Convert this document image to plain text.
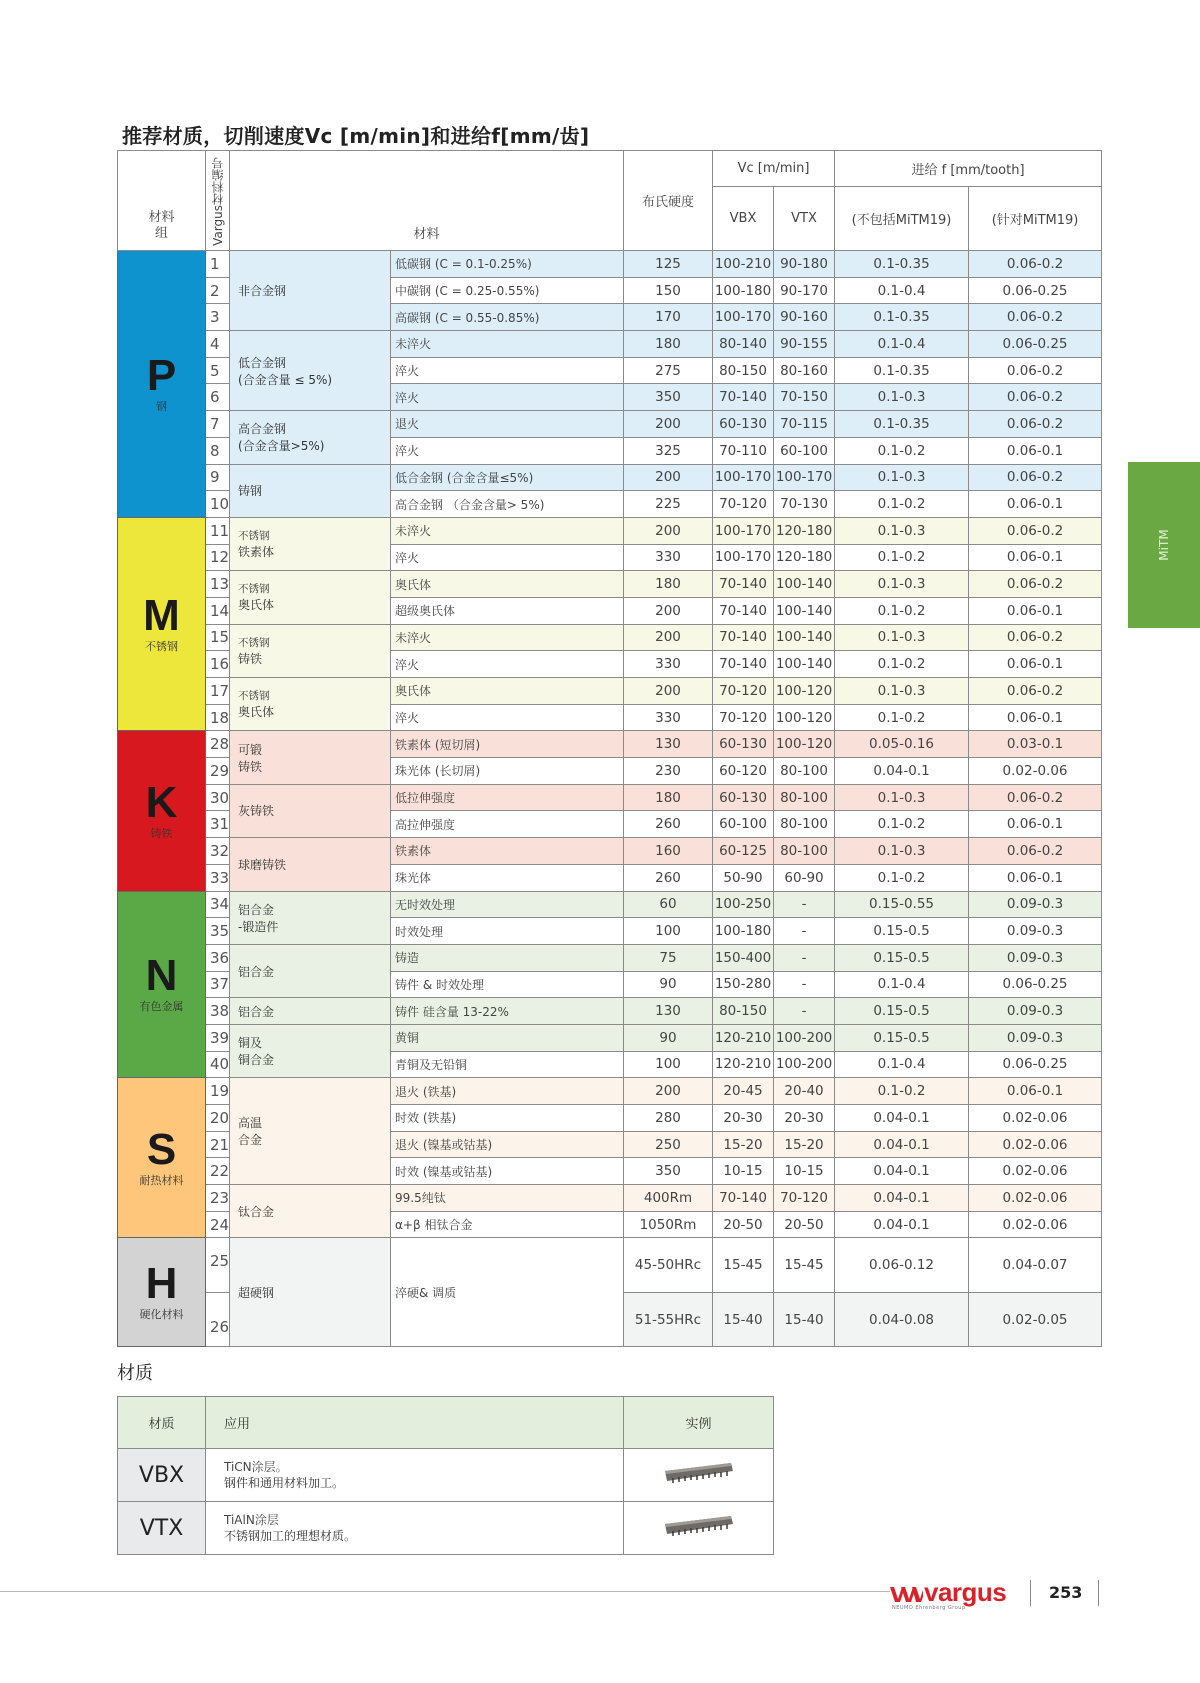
推荐材质，切削速度Vc [m/min]和进给f[mm/齿]
材料组	Vargus材料编号	材料		布氏硬度	Vc [m/min]		进给 f [mm/tooth]	
					VBX	VTX	(不包括MiTM19)	(针对MiTM19)

P
钢	1	非合金钢	低碳钢 (C = 0.1-0.25%)	125	100-210	90-180	0.1-0.35	0.06-0.2
	2		中碳钢 (C = 0.25-0.55%)	150	100-180	90-170	0.1-0.4	0.06-0.25
	3		高碳钢 (C = 0.55-0.85%)	170	100-170	90-160	0.1-0.35	0.06-0.2
	4	低合金钢
(合金含量 ≤ 5%)	未淬火	180	80-140	90-155	0.1-0.4	0.06-0.25
	5		淬火	275	80-150	80-160	0.1-0.35	0.06-0.2
	6		淬火	350	70-140	70-150	0.1-0.3	0.06-0.2
	7	高合金钢
(合金含量>5%)	退火	200	60-130	70-115	0.1-0.35	0.06-0.2
	8		淬火	325	70-110	60-100	0.1-0.2	0.06-0.1
	9	铸钢	低合金钢 (合金含量≤5%)	200	100-170	100-170	0.1-0.3	0.06-0.2
	10		高合金钢 （合金含量> 5%)	225	70-120	70-130	0.1-0.2	0.06-0.1

M
不锈钢	11	不锈钢
铁素体	未淬火	200	100-170	120-180	0.1-0.3	0.06-0.2
	12		淬火	330	100-170	120-180	0.1-0.2	0.06-0.1
	13	不锈钢
奥氏体	奥氏体	180	70-140	100-140	0.1-0.3	0.06-0.2
	14		超级奥氏体	200	70-140	100-140	0.1-0.2	0.06-0.1
	15	不锈钢
铸铁	未淬火	200	70-140	100-140	0.1-0.3	0.06-0.2
	16		淬火	330	70-140	100-140	0.1-0.2	0.06-0.1
	17	不锈钢
奥氏体	奥氏体	200	70-120	100-120	0.1-0.3	0.06-0.2
	18		淬火	330	70-120	100-120	0.1-0.2	0.06-0.1

K
铸铁	28	可锻
铸铁	铁素体 (短切屑)	130	60-130	100-120	0.05-0.16	0.03-0.1
	29		珠光体 (长切屑)	230	60-120	80-100	0.04-0.1	0.02-0.06
	30	灰铸铁	低拉伸强度	180	60-130	80-100	0.1-0.3	0.06-0.2
	31		高拉伸强度	260	60-100	80-100	0.1-0.2	0.06-0.1
	32	球磨铸铁	铁素体	160	60-125	80-100	0.1-0.3	0.06-0.2
	33		珠光体	260	50-90	60-90	0.1-0.2	0.06-0.1

N
有色金属	34	铝合金
-锻造件	无时效处理	60	100-250	-	0.15-0.55	0.09-0.3
	35		时效处理	100	100-180	-	0.15-0.5	0.09-0.3
	36	铝合金	铸造	75	150-400	-	0.15-0.5	0.09-0.3
	37		铸件 & 时效处理	90	150-280	-	0.1-0.4	0.06-0.25
	38	铝合金	铸件 硅含量 13-22%	130	80-150	-	0.15-0.5	0.09-0.3
	39	铜及
铜合金	黄铜	90	120-210	100-200	0.15-0.5	0.09-0.3
	40		青铜及无铅铜	100	120-210	100-200	0.1-0.4	0.06-0.25

S
耐热材料	19	高温
合金	退火 (铁基)	200	20-45	20-40	0.1-0.2	0.06-0.1
	20		时效 (铁基)	280	20-30	20-30	0.04-0.1	0.02-0.06
	21		退火 (镍基或钴基)	250	15-20	15-20	0.04-0.1	0.02-0.06
	22		时效 (镍基或钴基)	350	10-15	10-15	0.04-0.1	0.02-0.06
	23	钛合金	99.5纯钛	400Rm	70-140	70-120	0.04-0.1	0.02-0.06
	24		α+β 相钛合金	1050Rm	20-50	20-50	0.04-0.1	0.02-0.06

H
硬化材料	25	超硬钢	淬硬& 调质	45-50HRc	15-45	15-45	0.06-0.12	0.04-0.07
	26			51-55HRc	15-40	15-40	0.04-0.08	0.02-0.05
材质
材质	应用	实例
VBX	TiCN涂层。
钢件和通用材料加工。	
VTX	TiAlN涂层
不锈钢加工的理想材质。	
MiTM
vargus
NEUMO Ehrenberg Group
253
